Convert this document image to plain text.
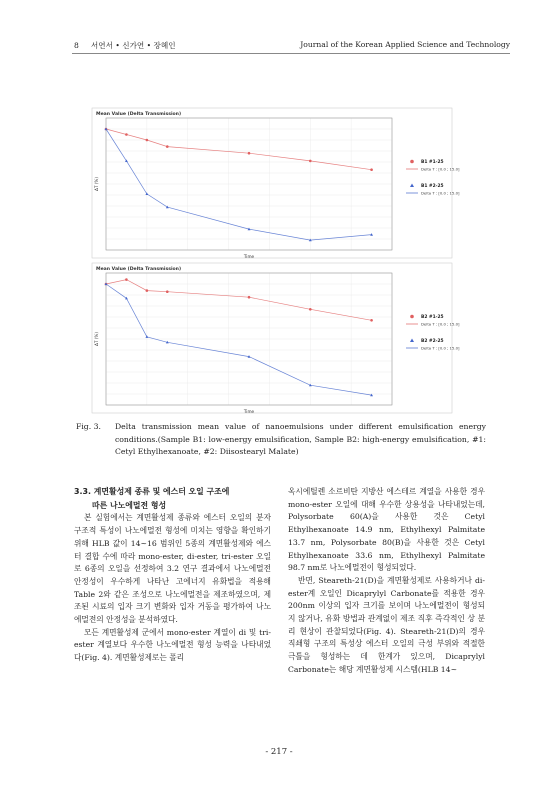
8 서연서 • 신가연 • 장혜인	Journal of the Korean Applied Science and Technology
Mean Value (Delta Transmission)
ΔT (%)
Time
B1 #1-25
Delta T : [0.0 ; 15.0]
B1 #2-25
Delta T : [0.0 ; 15.0]
Mean Value (Delta Transmission)
ΔT (%)
Time
B2 #1-25
Delta T : [0.0 ; 15.0]
B2 #2-25
Delta T : [0.0 ; 15.0]
Fig. 3. Delta transmission mean value of nanoemulsions under different emulsification energy conditions.(Sample B1: low-energy emulsification, Sample B2: high-energy emulsification, #1: Cetyl Ethylhexanoate, #2: Diisostearyl Malate)
3.3. 계면활성제 종류 및 에스터 오일 구조에
따른 나노에멀전 형성

본 실험에서는 계면활성제 종류와 에스터 오일의 분자 구조적 특성이 나노에멀전 형성에 미치는 영향을 확인하기 위해 HLB 값이 14~16 범위인 5종의 계면활성제와 에스터 결합 수에 따라 mono-ester, di-ester, tri-ester 오일로 6종의 오일을 선정하여 3.2 연구 결과에서 나노에멀전 안정성이 우수하게 나타난 고에너지 유화법을 적용해 Table 2와 같은 조성으로 나노에멀전을 제조하였으며, 제조된 시료의 입자 크기 변화와 입자 거동을 평가하여 나노에멀전의 안정성을 분석하였다.

모든 계면활성제 군에서 mono-ester 계열이 di 및 tri-ester 계열보다 우수한 나노에멀전 형성 능력을 나타내었다(Fig. 4). 계면활성제로는 폴리

옥시에틸렌 소르비탄 지방산 에스테르 계열을 사용한 경우 mono-ester 오일에 대해 우수한 상용성을 나타내었는데, Polysorbate 60(A)을 사용한 것은 Cetyl Ethylhexanoate 14.9 nm, Ethylhexyl Palmitate 13.7 nm, Polysorbate 80(B)을 사용한 것은 Cetyl Ethylhexanoate 33.6 nm, Ethylhexyl Palmitate 98.7 nm로 나노에멀전이 형성되었다.

반면, Steareth-21(D)을 계면활성제로 사용하거나 di-ester계 오일인 Dicaprylyl Carbonate를 적용한 경우 200nm 이상의 입자 크기를 보이며 나노에멀전이 형성되지 않거나, 유화 방법과 관계없이 제조 직후 즉각적인 상 분리 현상이 관찰되었다(Fig. 4). Steareth-21(D)의 경우 직쇄형 구조의 특성상 에스터 오일의 극성 부위와 적절한 극틀을 형성하는 데 한계가 있으며, Dicaprylyl Carbonate는 해당 계면활성제 시스템(HLB 14~

- 217 -
